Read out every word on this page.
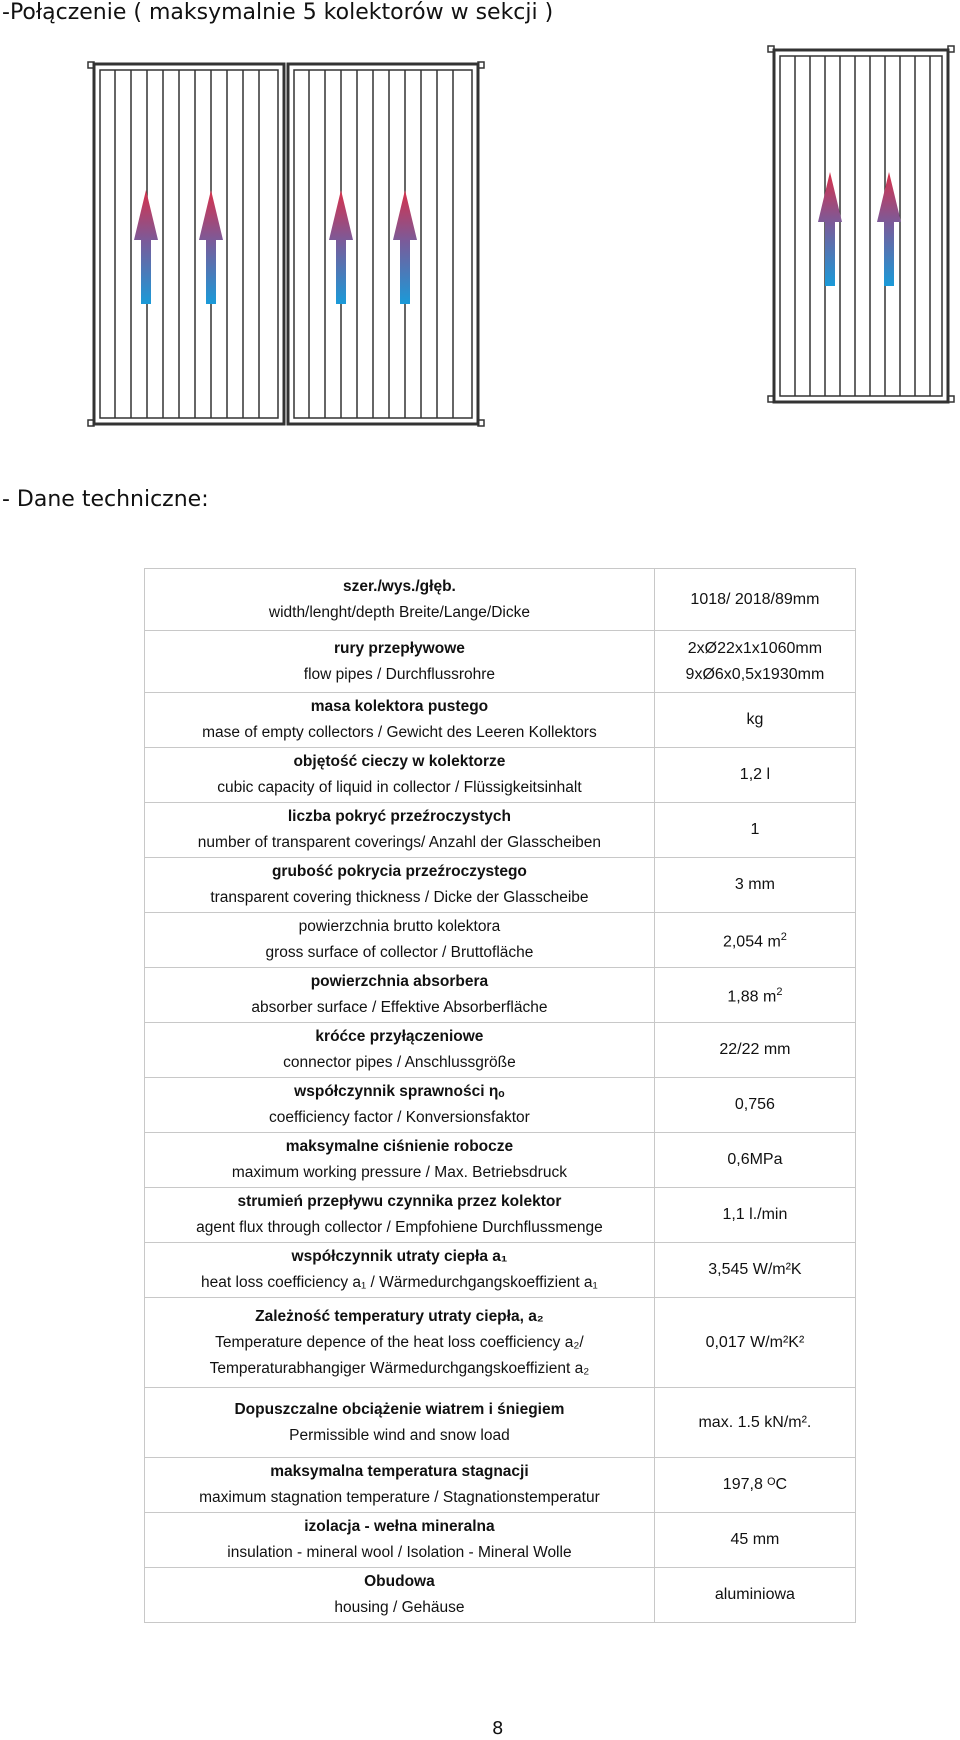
-Połączenie ( maksymalnie 5 kolektorów w sekcji )
- Dane techniczne:
szer./wys./głęb.
width/lenght/depth Breite/Lange/Dicke	1018/ 2018/89mm

rury przepływowe
flow pipes / Durchflussrohre	2xØ22x1x1060mm
9xØ6x0,5x1930mm

masa kolektora pustego
mase of empty collectors / Gewicht des Leeren Kollektors	kg

objętość cieczy w kolektorze
cubic capacity of liquid in collector / Flüssigkeitsinhalt	1,2 l

liczba pokryć przeźroczystych
number of transparent coverings/ Anzahl der Glasscheiben	1

grubość pokrycia przeźroczystego
transparent covering thickness / Dicke der Glasscheibe	3 mm

powierzchnia brutto kolektora
gross surface of collector / Bruttofläche	2,054 $m^2$

powierzchnia absorbera
absorber surface / Effektive Absorberfläche	1,88 $m^2$

króćce przyłączeniowe
connector pipes / Anschlussgröße	22/22 mm

współczynnik sprawności ηₒ
coefficiency factor / Konversionsfaktor	0,756

maksymalne ciśnienie robocze
maximum working pressure / Max. Betriebsdruck	0,6MPa

strumień przepływu czynnika przez kolektor
agent flux through collector / Empfohiene Durchflussmenge	1,1 l./min

współczynnik utraty ciepła a₁
heat loss coefficiency a₁ / Wärmedurchgangskoeffizient a₁	3,545 W/m²K

Zależność temperatury utraty ciepła, a₂
Temperature depence of the heat loss coefficiency a₂/ Temperaturabhangiger Wärmedurchgangskoeffizient a₂	0,017 W/m²K²

Dopuszczalne obciążenie wiatrem i śniegiem
Permissible wind and snow load	max. 1.5 kN/m².

maksymalna temperatura stagnacji
maximum stagnation temperature / Stagnationstemperatur	197,8 ᴼC

izolacja - wełna mineralna
insulation - mineral wool / Isolation - Mineral Wolle	45 mm

Obudowa
housing / Gehäuse	aluminiowa
8
